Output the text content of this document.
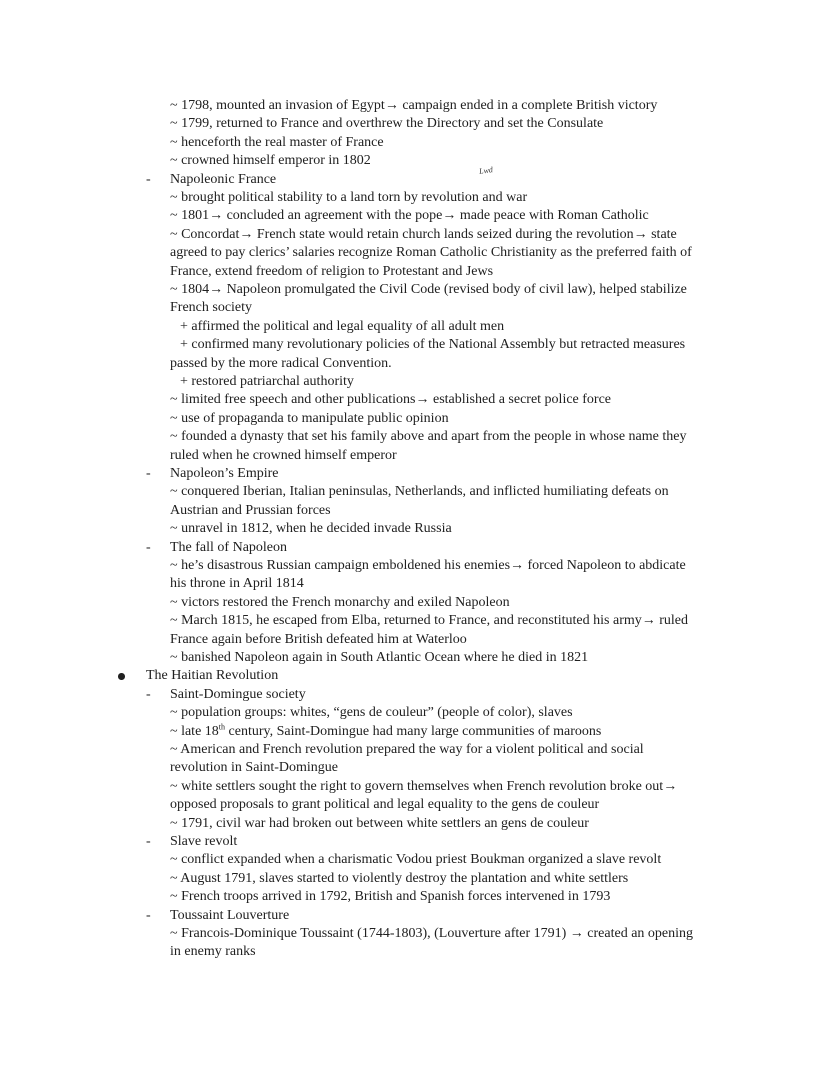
Lwd
~ 1798, mounted an invasion of Egypt→ campaign ended in a complete British victory
~ 1799, returned to France and overthrew the Directory and set the Consulate
~ henceforth the real master of France
~ crowned himself emperor in 1802
- Napoleonic France
~ brought political stability to a land torn by revolution and war
~ 1801→ concluded an agreement with the pope→ made peace with Roman Catholic
~ Concordat→ French state would retain church lands seized during the revolution→ state
agreed to pay clerics’ salaries recognize Roman Catholic Christianity as the preferred faith of
France, extend freedom of religion to Protestant and Jews
~ 1804→ Napoleon promulgated the Civil Code (revised body of civil law), helped stabilize
French society
+ affirmed the political and legal equality of all adult men
+ confirmed many revolutionary policies of the National Assembly but retracted measures
passed by the more radical Convention.
+ restored patriarchal authority
~ limited free speech and other publications→ established a secret police force
~ use of propaganda to manipulate public opinion
~ founded a dynasty that set his family above and apart from the people in whose name they
ruled when he crowned himself emperor
- Napoleon’s Empire
~ conquered Iberian, Italian peninsulas, Netherlands, and inflicted humiliating defeats on
Austrian and Prussian forces
~ unravel in 1812, when he decided invade Russia
- The fall of Napoleon
~ he’s disastrous Russian campaign emboldened his enemies→ forced Napoleon to abdicate
his throne in April 1814
~ victors restored the French monarchy and exiled Napoleon
~ March 1815, he escaped from Elba, returned to France, and reconstituted his army→ ruled
France again before British defeated him at Waterloo
~ banished Napoleon again in South Atlantic Ocean where he died in 1821
The Haitian Revolution
- Saint-Domingue society
~ population groups: whites, “gens de couleur” (people of color), slaves
~ late 18th century, Saint-Domingue had many large communities of maroons
~ American and French revolution prepared the way for a violent political and social
revolution in Saint-Domingue
~ white settlers sought the right to govern themselves when French revolution broke out→
opposed proposals to grant political and legal equality to the gens de couleur
~ 1791, civil war had broken out between white settlers an gens de couleur
- Slave revolt
~ conflict expanded when a charismatic Vodou priest Boukman organized a slave revolt
~ August 1791, slaves started to violently destroy the plantation and white settlers
~ French troops arrived in 1792, British and Spanish forces intervened in 1793
- Toussaint Louverture
~ Francois-Dominique Toussaint (1744-1803), (Louverture after 1791) → created an opening
in enemy ranks
